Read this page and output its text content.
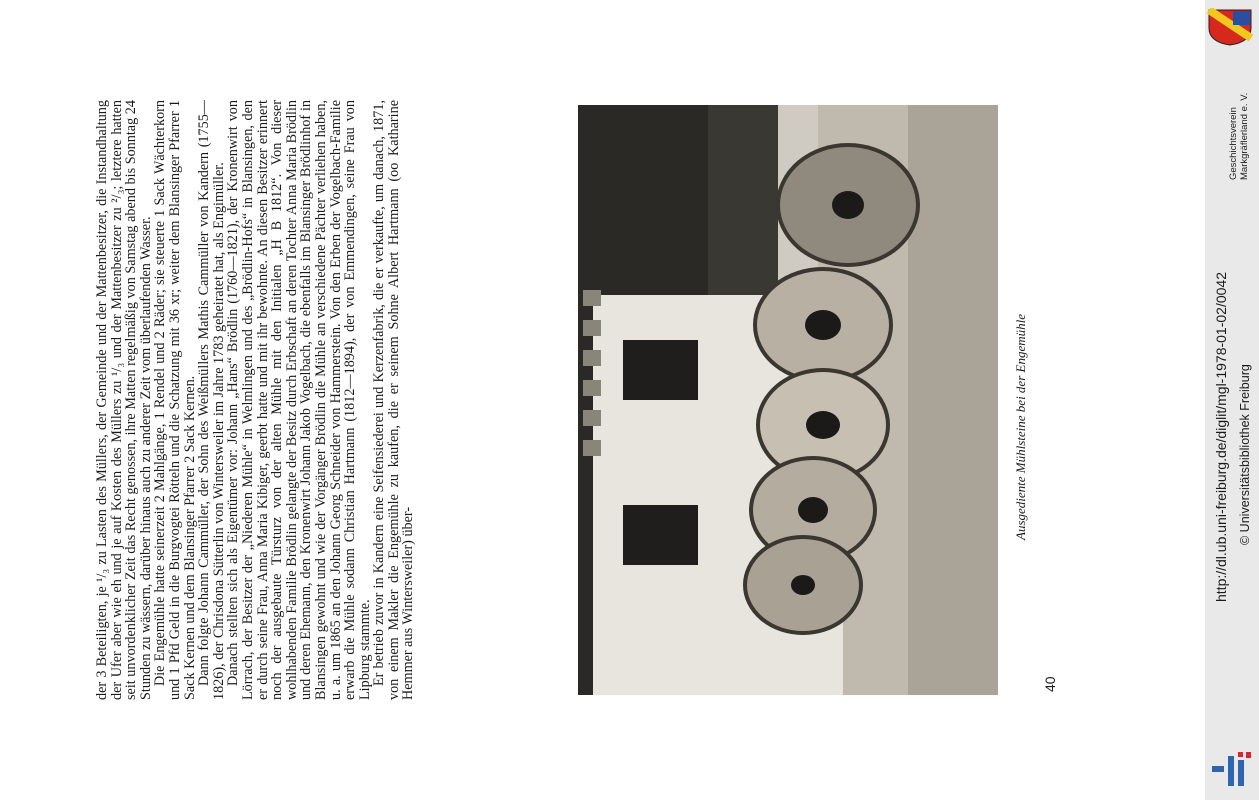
der 3 Beteiligten, je ¹/₃ zu Lasten des Müllers, der Gemeinde und der Mattenbesitzer, die Instandhaltung der Ufer aber wie eh und je auf Kosten des Müllers zu ¹/₃ und der Mattenbesitzer zu ²/₃; letztere hatten seit unvordenklicher Zeit das Recht genossen, ihre Matten regelmäßig von Samstag abend bis Sonntag 24 Stunden zu wässern, darüber hinaus auch zu anderer Zeit vom überlaufenden Wasser.

Die Engemühle hatte seinerzeit 2 Mahlgänge, 1 Rendel und 2 Räder; sie steuerte 1 Sack Wächterkorn und 1 Pfd Geld in die Burgvogtei Rötteln und die Schatzung mit 36 xr; weiter dem Blansinger Pfarrer 1 Sack Kernen und dem Blansinger Pfarrer 2 Sack Kernen.

Dann folgte Johann Cammüller, der Sohn des Weißmüllers Mathis Cammüller von Kandern (1755—1826), der Chrisdona Sütterlin von Wintersweiler im Jahre 1783 geheiratet hat, als Engimüller.

Danach stellten sich als Eigentümer vor: Johann „Hans“ Brödlin (1760—1821), der Kronenwirt von Lörrach, der Besitzer der „Niederen Mühle“ in Welmlingen und des „Brödlin-Hofs“ in Blansingen, den er durch seine Frau, Anna Maria Kibiger, geerbt hatte und mit ihr bewohnte. An diesen Besitzer erinnert noch der ausgebaute Türsturz von der alten Mühle mit den Initialen „H B 1812“. Von dieser wohlhabenden Familie Brödlin gelangte der Besitz durch Erbschaft an deren Tochter Anna Maria Brödlin und deren Ehemann, den Kronenwirt Johann Jakob Vogelbach, die ebenfalls im Blansinger Brödlinhof in Blansingen gewohnt und wie der Vorgänger Brödlin die Mühle an verschiedene Pächter verliehen haben, u. a. um 1865 an den Johann Georg Schneider von Hammerstein. Von den Erben der Vogelbach-Familie erwarb die Mühle sodann Christian Hartmann (1812—1894), der von Emmendingen, seine Frau von Lipburg stammte.

Er betrieb zuvor in Kandern eine Seifensiederei und Kerzenfabrik, die er verkaufte, um danach, 1871, von einem Makler die Engemühle zu kaufen, die er seinem Sohne Albert Hartmann (oo Katharine Hemmer aus Wintersweiler) über-

Ausgediente Mühlsteine bei der Engemühle
40
Geschichtsverein Markgräflerland e. V.
http://dl.ub.uni-freiburg.de/diglit/mgl-1978-01-02/0042 © Universitätsbibliothek Freiburg
